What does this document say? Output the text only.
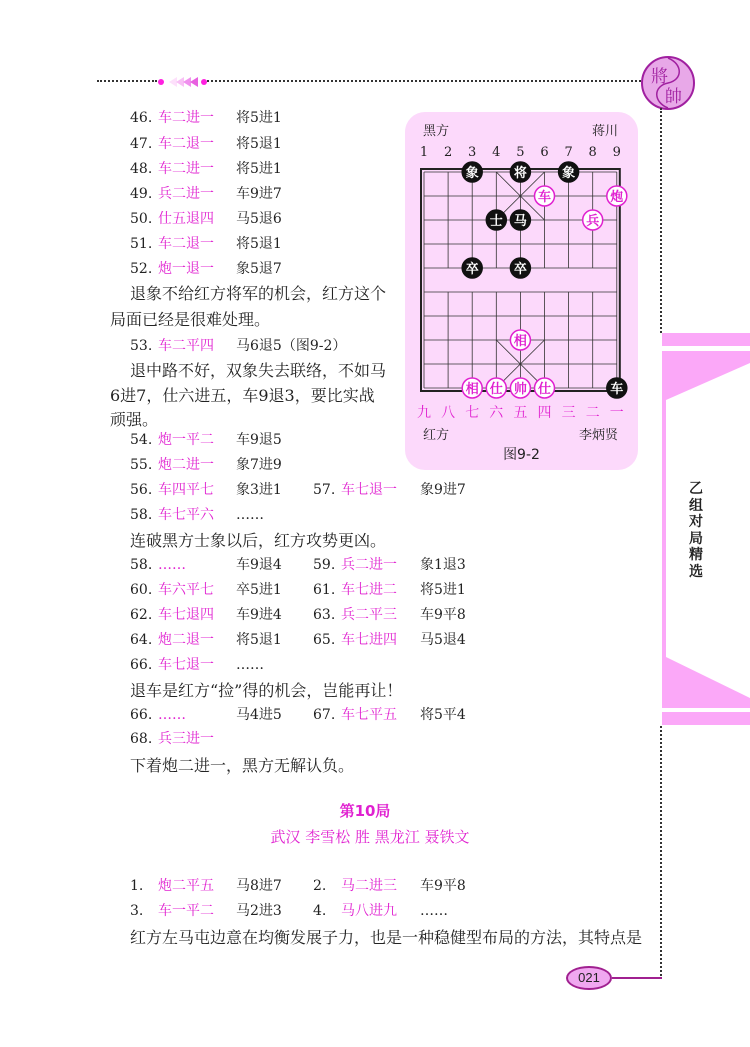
將
帥
乙组对局精选
46. 车二进一 将5进1
47. 车二退一 将5退1
48. 车二进一 将5进1
49. 兵二进一 车9进7
50. 仕五退四 马5退6
51. 车二退一 将5退1
52. 炮一退一 象5退7
退象不给红方将军的机会，红方这个
局面已经是很难处理。
53. 车二平四 马6退5（图9-2）
退中路不好，双象失去联络，不如马
6进7，仕六进五，车9退3，要比实战
顽强。
54. 炮一平二 车9退5
55. 炮二进一 象7进9
56. 车四平七 象3进1 57. 车七退一 象9进7
58. 车七平六 ……
连破黑方士象以后，红方攻势更凶。
58. ……	车9退4 59. 兵二进一 象1退3
60. 车六平七 卒5进1 61. 车七进二 将5进1
62. 车七退四 车9进4 63. 兵二平三 车9平8
64. 炮二退一 将5退1 65. 车七进四 马5退4
66. 车七退一 ……
退车是红方“捡”得的机会，岂能再让！
66. ……	马4进5 67. 车七平五 将5平4
68. 兵三进一
下着炮二进一，黑方无解认负。
第10局
武汉 李雪松 胜 黑龙江 聂铁文
1. 炮二平五 马8进7 2. 马二进三 车9平8
3. 车一平二 马2进3 4. 马八进九 ……
红方左马屯边意在均衡发展子力，也是一种稳健型布局的方法，其特点是
黑方	蒋川
红方	李炳贤
图9-2
1 2 3 4 5 6 7 8 9
九 八 七 六 五 四 三 二 一
象	将	象
士 马
卒	卒
车
车	炮
兵
相
相 仕 帅 仕
021
